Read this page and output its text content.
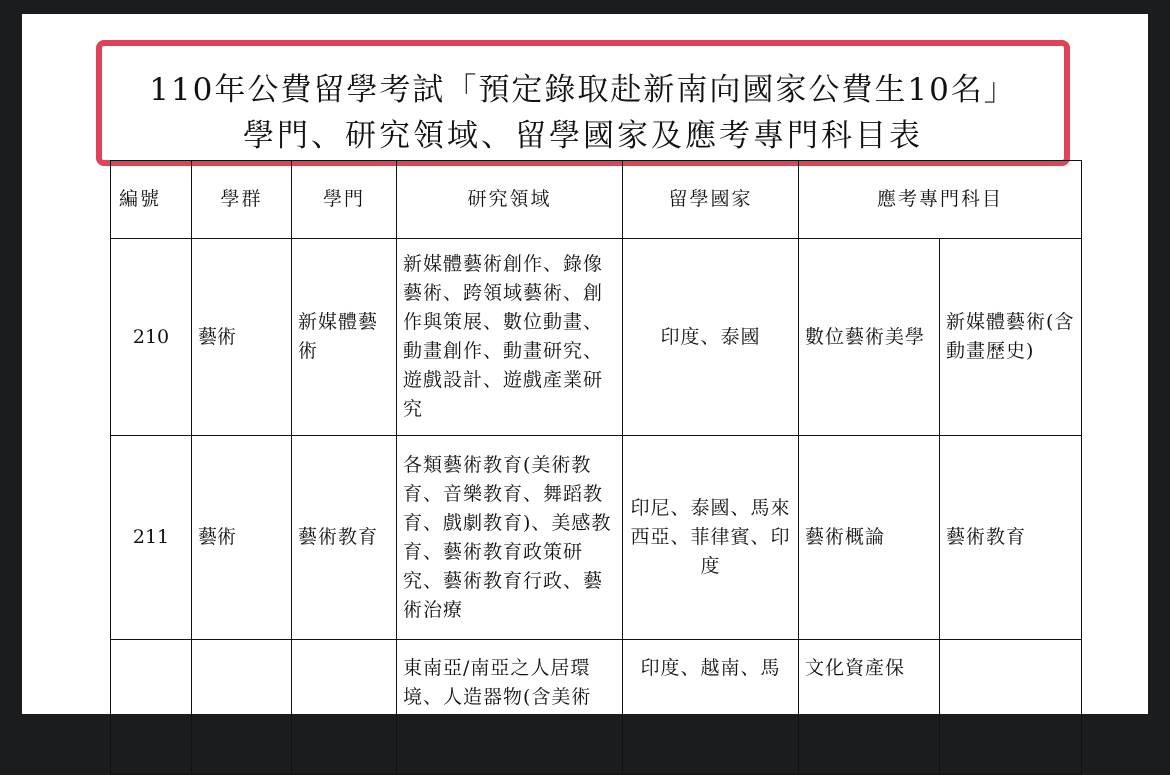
110年公費留學考試「預定錄取赴新南向國家公費生10名」
學門、研究領域、留學國家及應考專門科目表
編號	學群	學門	研究領域	留學國家	應考專門科目	
210	藝術	新媒體藝術	新媒體藝術創作、錄像藝術、跨領域藝術、創作與策展、數位動畫、動畫創作、動畫研究、遊戲設計、遊戲產業研究	印度、泰國	數位藝術美學	新媒體藝術(含動畫歷史)
211	藝術	藝術教育	各類藝術教育(美術教育、音樂教育、舞蹈教育、戲劇教育)、美感教育、藝術教育政策研究、藝術教育行政、藝術治療	印尼、泰國、馬來西亞、菲律賓、印度	藝術概論	藝術教育
			東南亞/南亞之人居環境、人造器物(含美術	印度、越南、馬	文化資產保	
